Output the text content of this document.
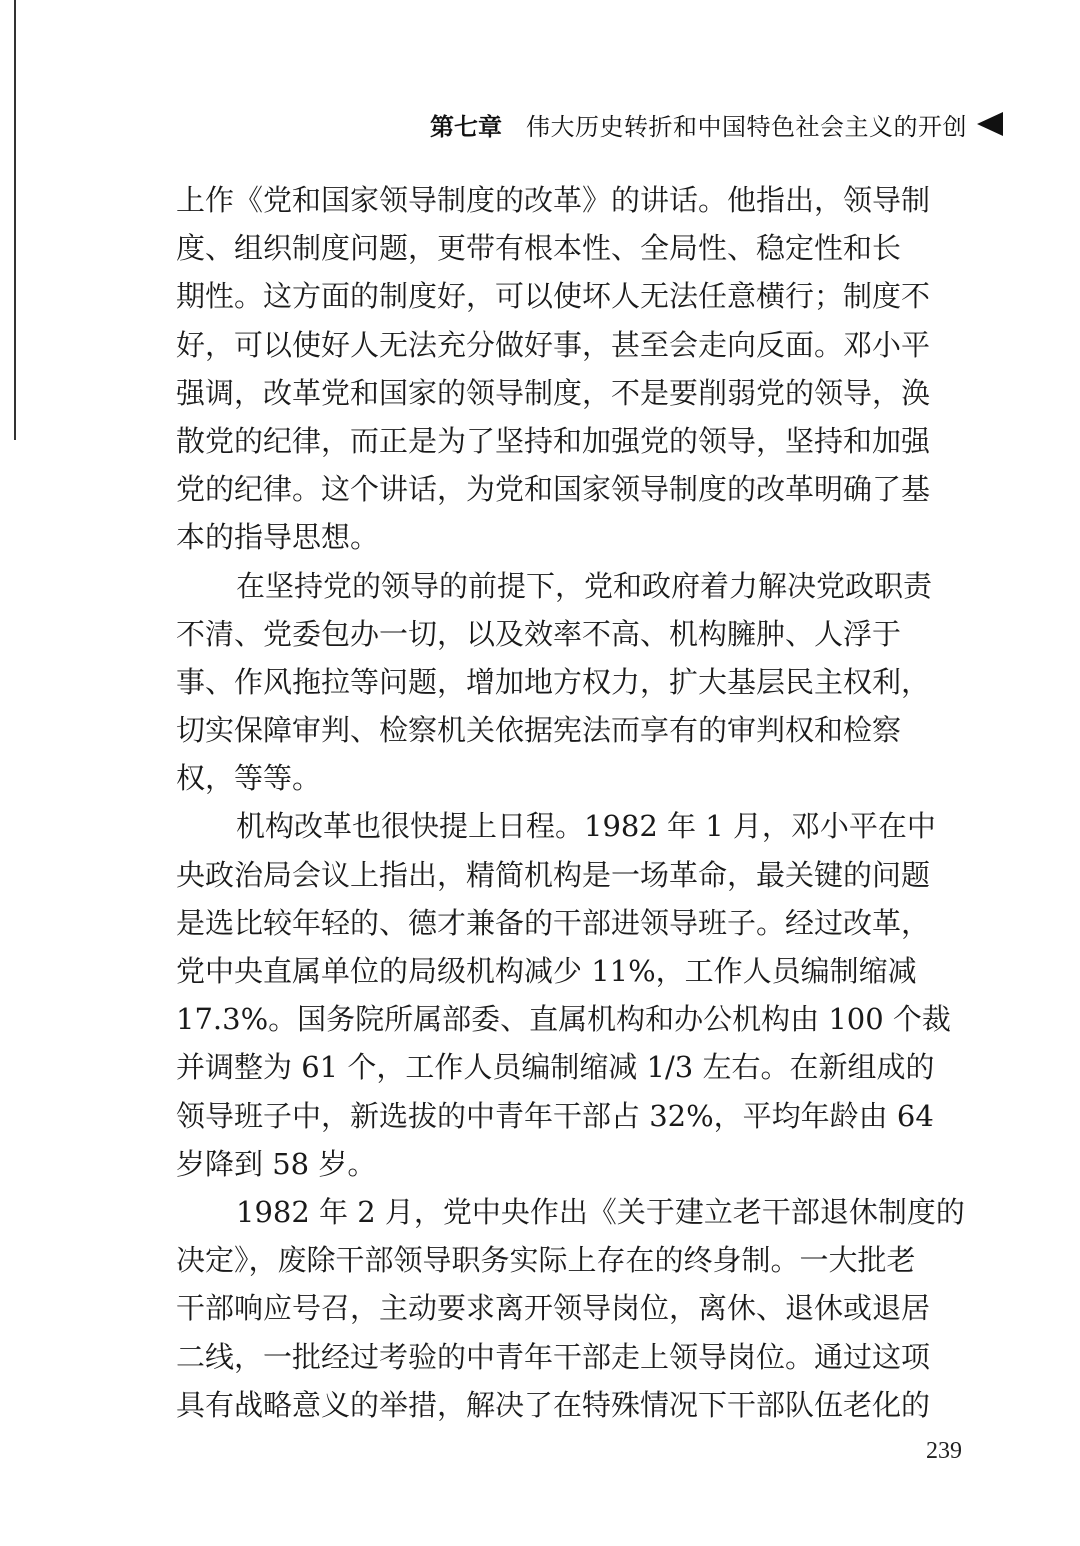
第七章 伟大历史转折和中国特色社会主义的开创
上作《党和国家领导制度的改革》的讲话。他指出，领导制
度、组织制度问题，更带有根本性、全局性、稳定性和长
期性。这方面的制度好，可以使坏人无法任意横行；制度不
好，可以使好人无法充分做好事，甚至会走向反面。邓小平
强调，改革党和国家的领导制度，不是要削弱党的领导，涣
散党的纪律，而正是为了坚持和加强党的领导，坚持和加强
党的纪律。这个讲话，为党和国家领导制度的改革明确了基
本的指导思想。
在坚持党的领导的前提下，党和政府着力解决党政职责
不清、党委包办一切，以及效率不高、机构臃肿、人浮于
事、作风拖拉等问题，增加地方权力，扩大基层民主权利，
切实保障审判、检察机关依据宪法而享有的审判权和检察
权，等等。
机构改革也很快提上日程。1982 年 1 月，邓小平在中
央政治局会议上指出，精简机构是一场革命，最关键的问题
是选比较年轻的、德才兼备的干部进领导班子。经过改革，
党中央直属单位的局级机构减少 11%，工作人员编制缩减
17.3%。国务院所属部委、直属机构和办公机构由 100 个裁
并调整为 61 个，工作人员编制缩减 1/3 左右。在新组成的
领导班子中，新选拔的中青年干部占 32%，平均年龄由 64
岁降到 58 岁。
1982 年 2 月，党中央作出《关于建立老干部退休制度的
决定》，废除干部领导职务实际上存在的终身制。一大批老
干部响应号召，主动要求离开领导岗位，离休、退休或退居
二线，一批经过考验的中青年干部走上领导岗位。通过这项
具有战略意义的举措，解决了在特殊情况下干部队伍老化的
239
